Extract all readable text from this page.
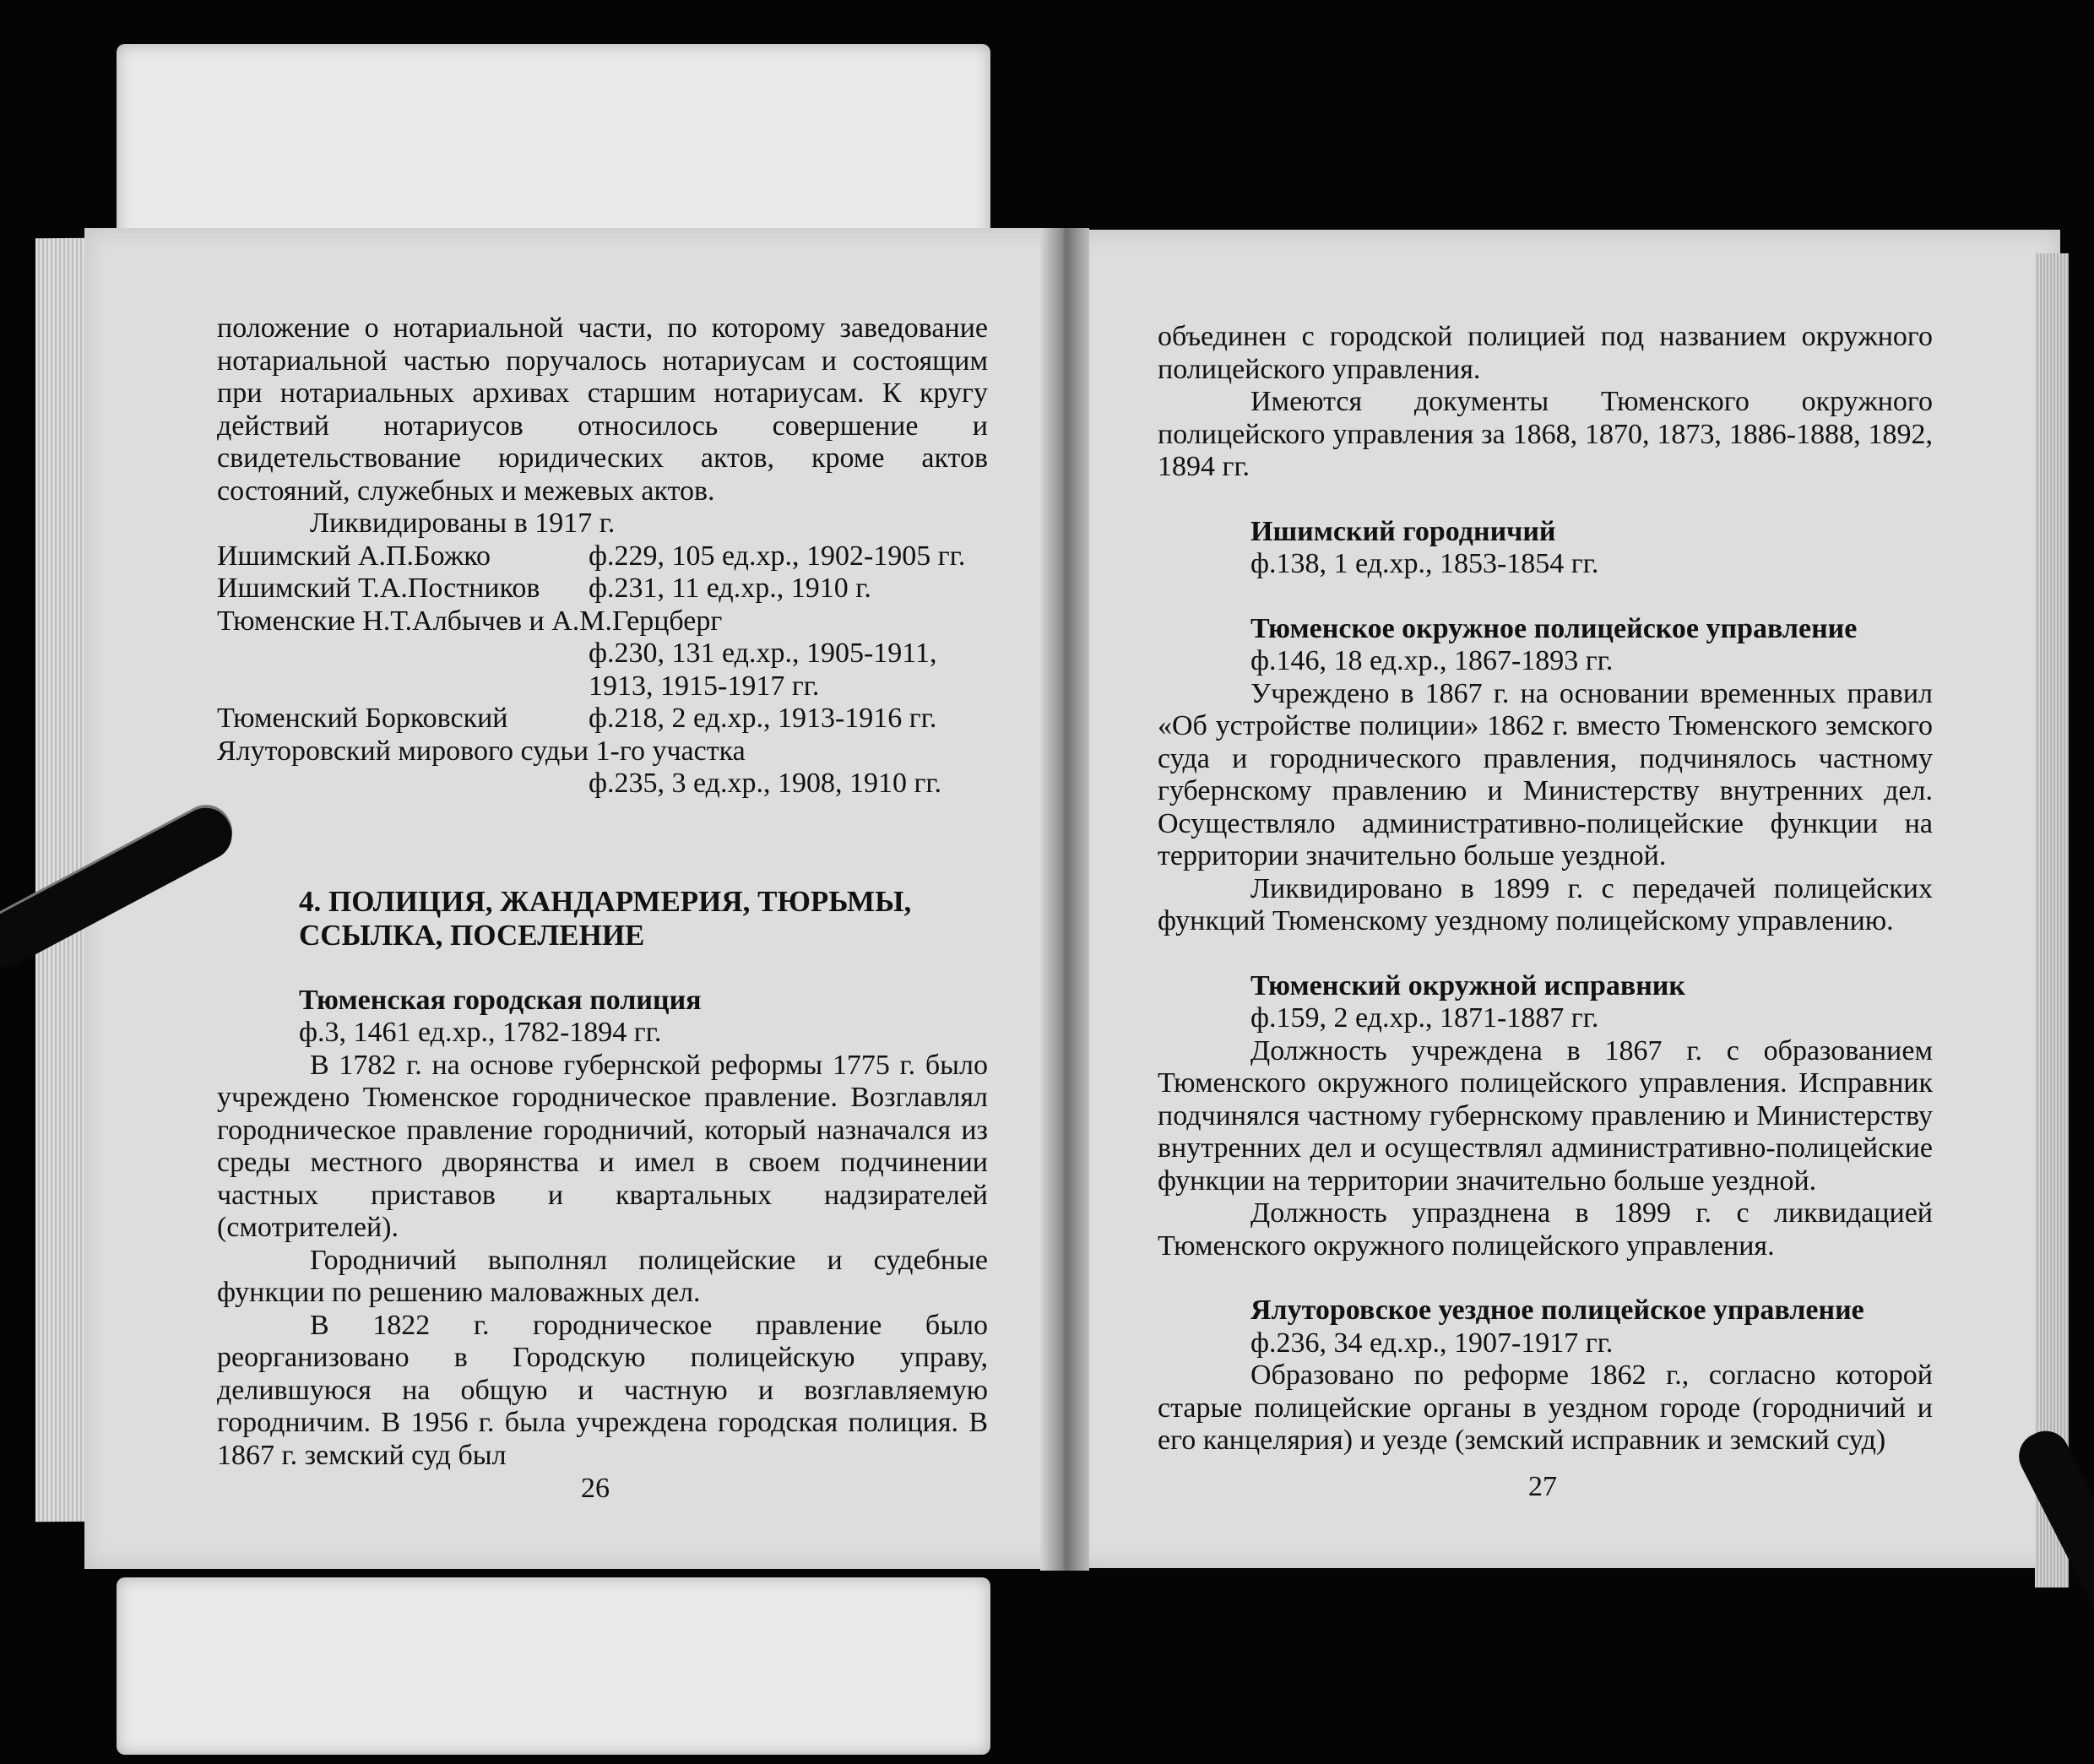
положение о нотариальной части, по которому заведование нотариальной частью поручалось нотариусам и состоящим при нотариальных архивах старшим нотариусам. К кругу действий нотариусов относилось совершение и свидетельствование юридических актов, кроме актов состояний, служебных и межевых актов.

Ликвидированы в 1917 г.

Ишимский А.П.Божко	ф.229, 105 ед.хр., 1902-1905 гг.
Ишимский Т.А.Постников	ф.231, 11 ед.хр., 1910 г.
Тюменские Н.Т.Албычев и А.М.Герцберг
ф.230, 131 ед.хр., 1905-1911,
1913, 1915-1917 гг.
Тюменский Борковский	ф.218, 2 ед.хр., 1913-1916 гг.
Ялуторовский мирового судьи 1-го участка
ф.235, 3 ед.хр., 1908, 1910 гг.

4. ПОЛИЦИЯ, ЖАНДАРМЕРИЯ, ТЮРЬМЫ,

ССЫЛКА, ПОСЕЛЕНИЕ

Тюменская городская полиция

ф.3, 1461 ед.хр., 1782-1894 гг.

В 1782 г. на основе губернской реформы 1775 г. было учреждено Тюменское городническое правление. Возглавлял городническое правление городничий, который назначался из среды местного дворянства и имел в своем подчинении частных приставов и квартальных надзирателей (смотрителей).

Городничий выполнял полицейские и судебные функции по решению маловажных дел.

В 1822 г. городническое правление было реорганизовано в Городскую полицейскую управу, делившуюся на общую и частную и возглавляемую городничим. В 1956 г. была учреждена городская полиция. В 1867 г. земский суд был

26

объединен с городской полицией под названием окружного полицейского управления.

Имеются документы Тюменского окружного полицейского управления за 1868, 1870, 1873, 1886-1888, 1892, 1894 гг.

Ишимский городничий

ф.138, 1 ед.хр., 1853-1854 гг.

Тюменское окружное полицейское управление

ф.146, 18 ед.хр., 1867-1893 гг.

Учреждено в 1867 г. на основании временных правил «Об устройстве полиции» 1862 г. вместо Тюменского земского суда и городнического правления, подчинялось частному губернскому правлению и Министерству внутренних дел. Осуществляло административно-полицейские функции на территории значительно больше уездной.

Ликвидировано в 1899 г. с передачей полицейских функций Тюменскому уездному полицейскому управлению.

Тюменский окружной исправник

ф.159, 2 ед.хр., 1871-1887 гг.

Должность учреждена в 1867 г. с образованием Тюменского окружного полицейского управления. Исправник подчинялся частному губернскому правлению и Министерству внутренних дел и осуществлял административно-полицейские функции на территории значительно больше уездной.

Должность упразднена в 1899 г. с ликвидацией Тюменского окружного полицейского управления.

Ялуторовское уездное полицейское управление

ф.236, 34 ед.хр., 1907-1917 гг.

Образовано по реформе 1862 г., согласно которой старые полицейские органы в уездном городе (городничий и его канцелярия) и уезде (земский исправник и земский суд)

27
